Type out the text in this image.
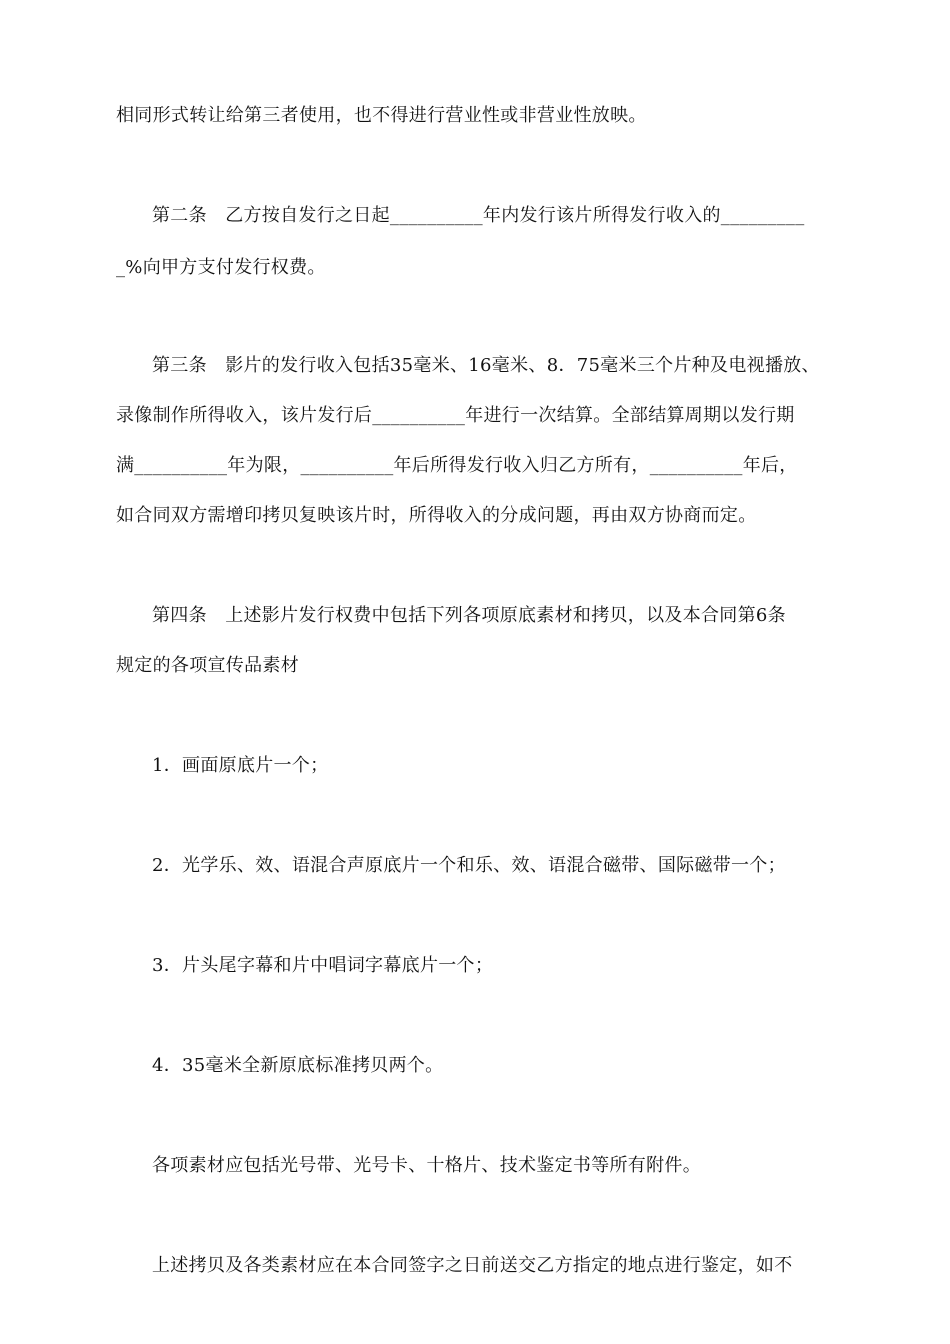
相同形式转让给第三者使用，也不得进行营业性或非营业性放映。
第二条　乙方按自发行之日起__________年内发行该片所得发行收入的_________
_%向甲方支付发行权费。
第三条　影片的发行收入包括35毫米、16毫米、8．75毫米三个片种及电视播放、
录像制作所得收入，该片发行后__________年进行一次结算。全部结算周期以发行期
满__________年为限，__________年后所得发行收入归乙方所有，__________年后，
如合同双方需增印拷贝复映该片时，所得收入的分成问题，再由双方协商而定。
第四条　上述影片发行权费中包括下列各项原底素材和拷贝，以及本合同第6条
规定的各项宣传品素材
1．画面原底片一个；
2．光学乐、效、语混合声原底片一个和乐、效、语混合磁带、国际磁带一个；
3．片头尾字幕和片中唱词字幕底片一个；
4．35毫米全新原底标准拷贝两个。
各项素材应包括光号带、光号卡、十格片、技术鉴定书等所有附件。
上述拷贝及各类素材应在本合同签字之日前送交乙方指定的地点进行鉴定，如不
